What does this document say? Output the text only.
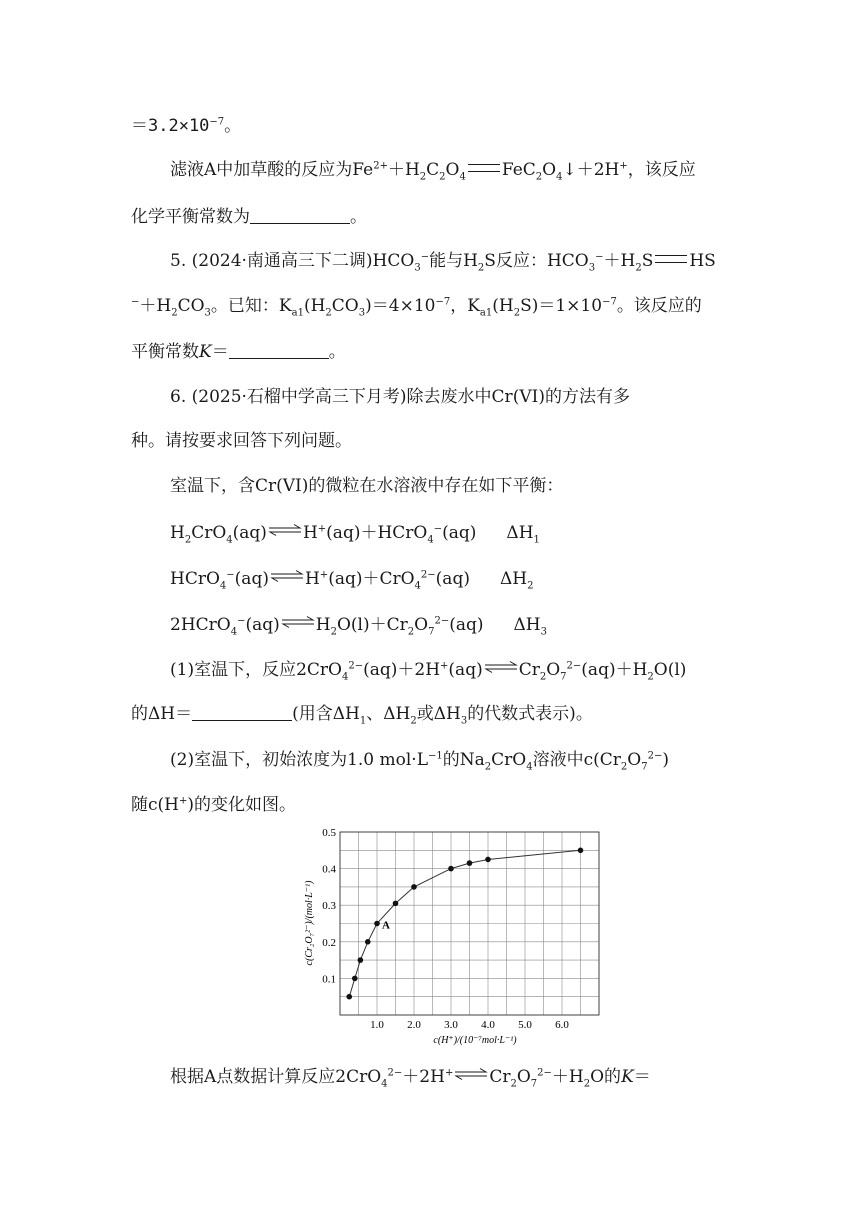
$=3.2\times 10^{-7}$。
滤液A中加草酸的反应为$Fe^{2+}+H_2C_2O_4$ $FeC_2O_4↓+2H^+$，该反应
化学平衡常数为	。
5. (2024·南通高三下二调)$HCO_3^-$能与$H_2S$反应：$HCO_3^-+H_2S$ HS
$^-+H_2CO_3$。已知：$K_{a1}(H_2CO_3)=4\times 10^{-7}$，$K_{a1}(H_2S)=1\times 10^{-7}$。该反应的
平衡常数K＝	。
6. (2025·石榴中学高三下月考)除去废水中Cr(VI)的方法有多
种。请按要求回答下列问题。
室温下，含Cr(VI)的微粒在水溶液中存在如下平衡：
$H_2CrO_4(aq)\rightleftharpoons H^+(aq)+HCrO_4^-(aq)$ $\Delta H_1$
HCrO$_4$−(aq)⇌H+(aq)＋CrO$_4^{2-}$(aq) $\Delta H_2$
$2HCrO_4^-(aq)\rightleftharpoons H_2O(l)+Cr_2O_7^{2-}(aq)$ $\Delta H_3$
(1)室温下，反应$2CrO_4^{2-}(aq)+2H^+(aq)\rightleftharpoons Cr_2O_7^{2-}(aq)+H_2O(l)$
的ΔH＝	(用含$\Delta H_1$、$\Delta H_2$或$\Delta H_3$的代数式表示)。
(2)室温下，初始浓度为1.0 $mol\cdot L^{-1}$的$Na_2CrO_4$溶液中$c(Cr_2O_7^{2-})$
随c(H+)的变化如图。
1.0 2.0 3.0 4.0 5.0 6.0
0.1
0.2
0.3
0.4
0.5
A
c(H⁺)/(10⁻⁷mol·L⁻¹)
c(Cr₂O₇²⁻)/(mol·L⁻¹)
根据A点数据计算反应$2CrO_4^{2-}+2H^+\rightleftharpoons Cr_2O_7^{2-}+H_2O$的K＝
